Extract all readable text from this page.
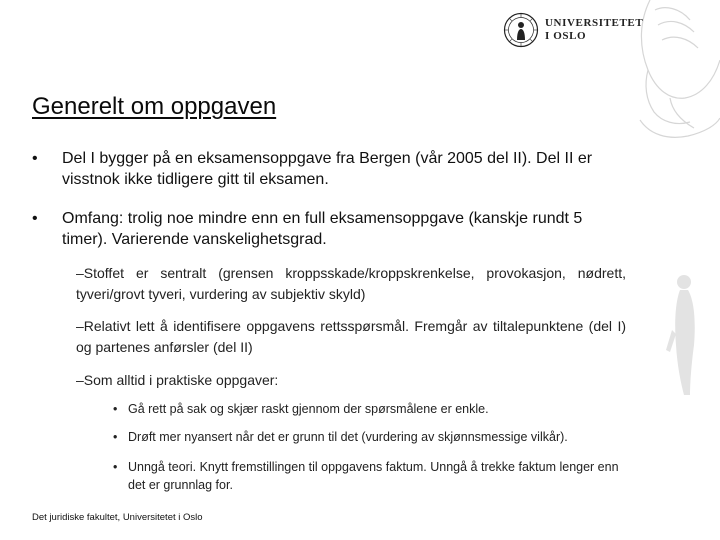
UNIVERSITETET
I OSLO
Generelt om oppgaven
•	Del I bygger på en eksamensoppgave fra Bergen (vår 2005 del II). Del II er visstnok ikke tidligere gitt til eksamen.
•	Omfang: trolig noe mindre enn en full eksamensoppgave (kanskje rundt 5 timer). Varierende vanskelighetsgrad.
–Stoffet er sentralt (grensen kroppsskade/kroppskrenkelse, provokasjon, nødrett, tyveri/grovt tyveri, vurdering av subjektiv skyld)
–Relativt lett å identifisere oppgavens rettsspørsmål. Fremgår av tiltalepunktene (del I) og partenes anførsler (del II)
–Som alltid i praktiske oppgaver:
• Gå rett på sak og skjær raskt gjennom der spørsmålene er enkle.
• Drøft mer nyansert når det er grunn til det (vurdering av skjønnsmessige vilkår).
• Unngå teori. Knytt fremstillingen til oppgavens faktum. Unngå å trekke faktum lenger enn det er grunnlag for.
Det juridiske fakultet, Universitetet i Oslo
